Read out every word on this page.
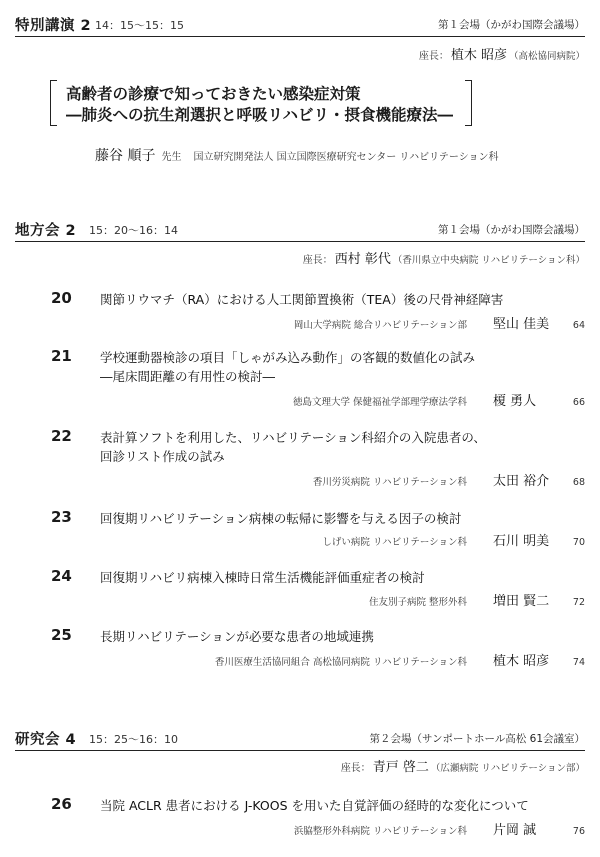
特別講演 2 14：15〜15：15	第１会場（かがわ国際会議場）
座長： 植木 昭彦 （高松協同病院）
高齢者の診療で知っておきたい感染症対策
―肺炎への抗生剤選択と呼吸リハビリ・摂食機能療法―
藤谷 順子 先生 国立研究開発法人 国立国際医療研究センター リハビリテーション科
地方会 2 15：20〜16：14	第１会場（かがわ国際会議場）
座長： 西村 彰代 （香川県立中央病院 リハビリテーション科）
20 関節リウマチ（RA）における人工関節置換術（TEA）後の尺骨神経障害
岡山大学病院 総合リハビリテーション部 堅山 佳美	64
21 学校運動器検診の項目「しゃがみ込み動作」の客観的数値化の試み
―尾床間距離の有用性の検討―
徳島文理大学 保健福祉学部理学療法学科 榎 勇人	66
22 表計算ソフトを利用した、リハビリテーション科紹介の入院患者の、
回診リスト作成の試み
香川労災病院 リハビリテーション科 太田 裕介	68
23 回復期リハビリテーション病棟の転帰に影響を与える因子の検討
しげい病院 リハビリテーション科 石川 明美	70
24 回復期リハビリ病棟入棟時日常生活機能評価重症者の検討
住友別子病院 整形外科 増田 賢二	72
25 長期リハビリテーションが必要な患者の地域連携
香川医療生活協同組合 高松協同病院 リハビリテーション科 植木 昭彦	74
研究会 4 15：25〜16：10	第２会場（サンポートホール高松 61会議室）
座長： 青戸 啓二 （広瀬病院 リハビリテーション部）
26 当院 ACLR 患者における J-KOOS を用いた自覚評価の経時的な変化について
浜脇整形外科病院 リハビリテーション科 片岡 誠	76
